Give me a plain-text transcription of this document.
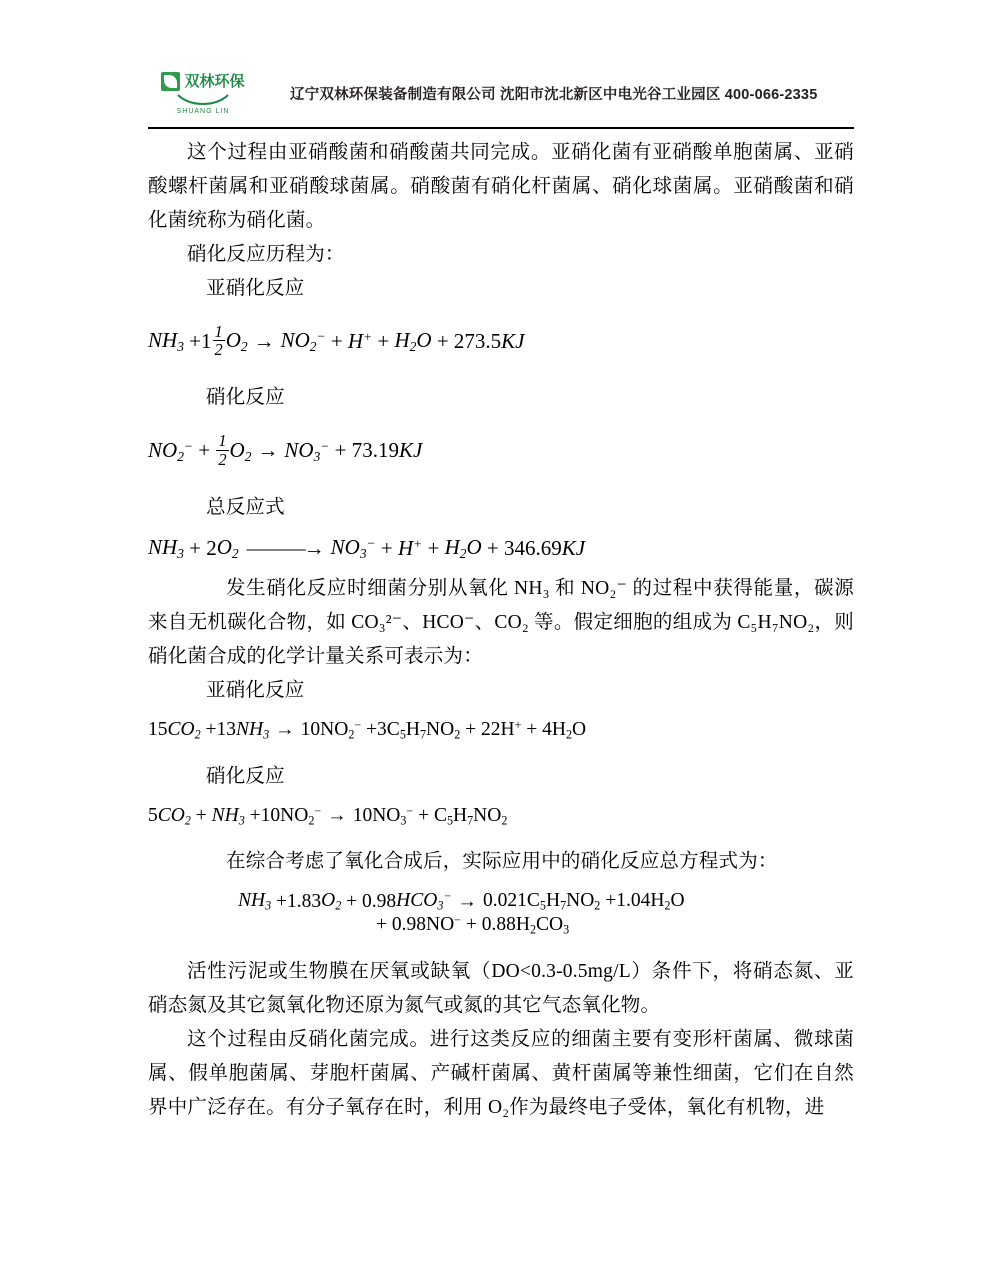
双林环保
SHUANG LIN
辽宁双林环保装备制造有限公司 沈阳市沈北新区中电光谷工业园区 400-066-2335

这个过程由亚硝酸菌和硝酸菌共同完成。亚硝化菌有亚硝酸单胞菌属、亚硝酸螺杆菌属和亚硝酸球菌属。硝酸菌有硝化杆菌属、硝化球菌属。亚硝酸菌和硝化菌统称为硝化菌。

硝化反应历程为：

亚硝化反应

$NH_3 +1 \frac{1}{2} O_2 \to NO_2^- + H^+ + H_2O + 273.5$ KJ

硝化反应

$NO_2^- + \frac{1}{2} O_2 \to NO_3^- + 73.19$ KJ

总反应式

$NH_3 + 2$ $O_2$ ———→ $NO_3^- + H^+ + H_2O + 346.69$ KJ

发生硝化反应时细菌分别从氧化 NH₃ 和 NO₂⁻ 的过程中获得能量，碳源来自无机碳化合物，如 CO₃²⁻、HCO⁻、CO₂ 等。假定细胞的组成为 C₅H₇NO₂，则硝化菌合成的化学计量关系可表示为：

亚硝化反应

15 $CO_2 +13$ $NH_3 \to 10NO_2^- +3C_5H_7NO_2 + 22H^+ + 4H_2O$

硝化反应

5 $CO_2 + NH_3 +10$ $NO_2^- \to 10NO_3^- + C_5H_7NO_2$

在综合考虑了氧化合成后，实际应用中的硝化反应总方程式为：

$NH_3 +1.83$ $O_2 + 0.98$ $HCO_3^- \to 0.021C_5H_7NO_2 +1.04H_2O$
+ $0.98NO^- + 0.88H_2CO_3$

活性污泥或生物膜在厌氧或缺氧（DO<0.3-0.5mg/L）条件下，将硝态氮、亚硝态氮及其它氮氧化物还原为氮气或氮的其它气态氧化物。

这个过程由反硝化菌完成。进行这类反应的细菌主要有变形杆菌属、微球菌属、假单胞菌属、芽胞杆菌属、产碱杆菌属、黄杆菌属等兼性细菌，它们在自然界中广泛存在。有分子氧存在时，利用 O₂作为最终电子受体，氧化有机物，进
